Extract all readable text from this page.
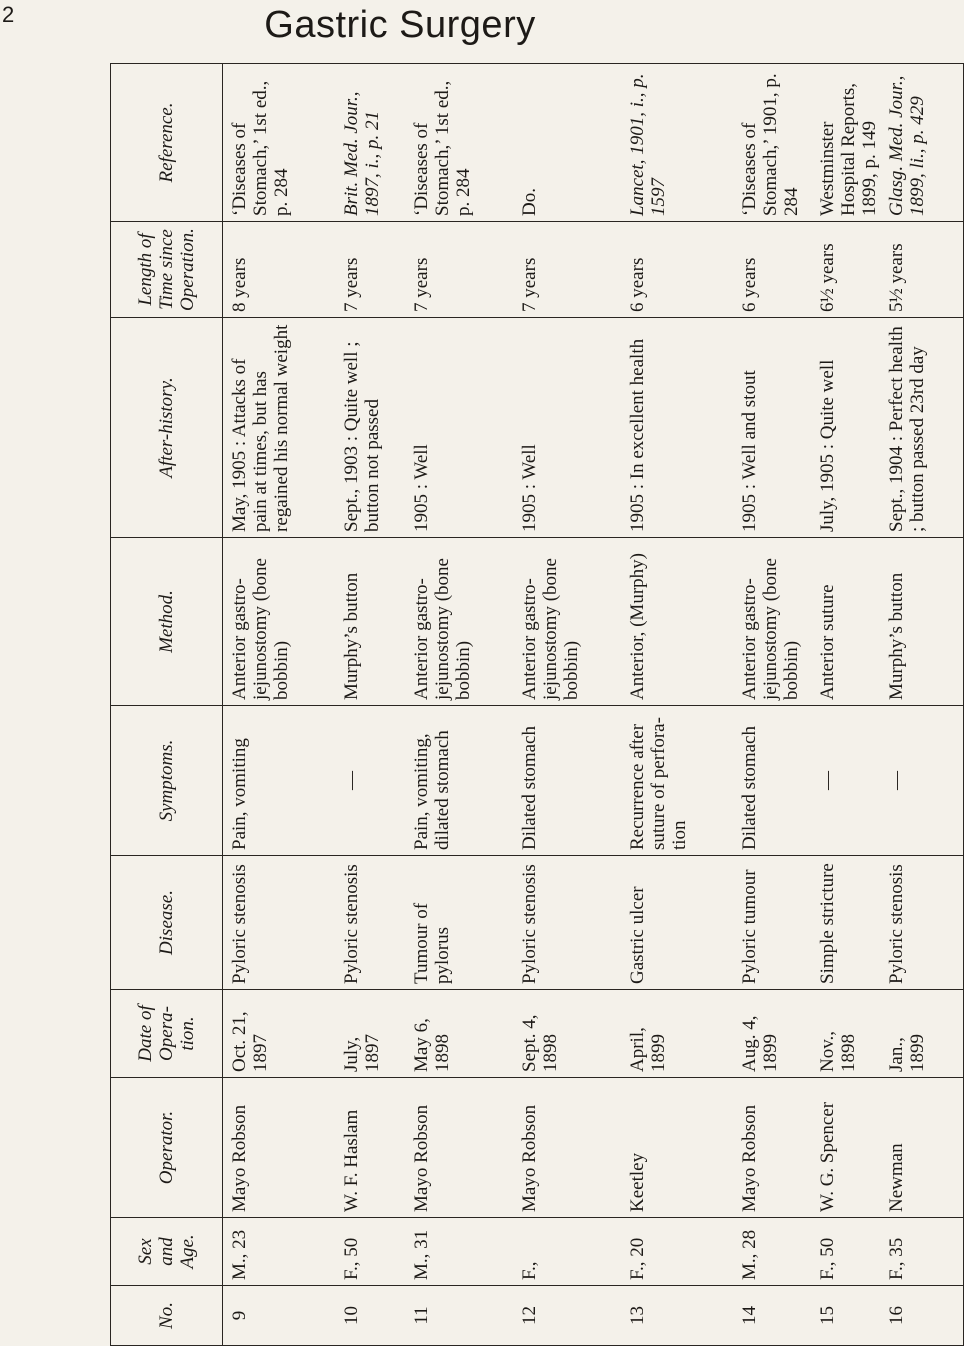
2	Gastric Surgery
No.	Sex and Age.	Operator.	Date of Opera- tion.	Disease.	Symptoms.	Method.	After-history.	Length of Time since Operation.	Reference.
9	M., 23	Mayo Robson	Oct. 21, 1897	Pyloric stenosis	Pain, vomiting	Anterior gastro- jejunostomy (bone bobbin)	May, 1905 : Attacks of pain at times, but has regained his normal weight	8 years	‘Diseases of Stomach,’ 1st ed., p. 284
10	F., 50	W. F. Haslam	July, 1897	Pyloric stenosis	—	Murphy’s button	Sept., 1903 : Quite well ; button not passed	7 years	Brit. Med. Jour., 1897, i., p. 21
11	M., 31	Mayo Robson	May 6, 1898	Tumour of pylorus	Pain, vomiting, dilated stomach	Anterior gastro- jejunostomy (bone bobbin)	1905 : Well	7 years	‘Diseases of Stomach,’ 1st ed., p. 284
12	F.,	Mayo Robson	Sept. 4, 1898	Pyloric stenosis	Dilated stomach	Anterior gastro- jejunostomy (bone bobbin)	1905 : Well	7 years	Do.
13	F., 20	Keetley	April, 1899	Gastric ulcer	Recurrence after suture of perfora- tion	Anterior, (Murphy)	1905 : In excellent health	6 years	Lancet, 1901, i., p. 1597
14	M., 28	Mayo Robson	Aug. 4, 1899	Pyloric tumour	Dilated stomach	Anterior gastro- jejunostomy (bone bobbin)	1905 : Well and stout	6 years	‘Diseases of Stomach,’ 1901, p. 284
15	F., 50	W. G. Spencer	Nov., 1898	Simple stricture	—	Anterior suture	July, 1905 : Quite well	6½ years	Westminster Hospital Reports, 1899, p. 149
16	F., 35	Newman	Jan., 1899	Pyloric stenosis	—	Murphy’s button	Sept., 1904 : Perfect health ; button passed 23rd day	5½ years	Glasg. Med. Jour., 1899, li., p. 429
